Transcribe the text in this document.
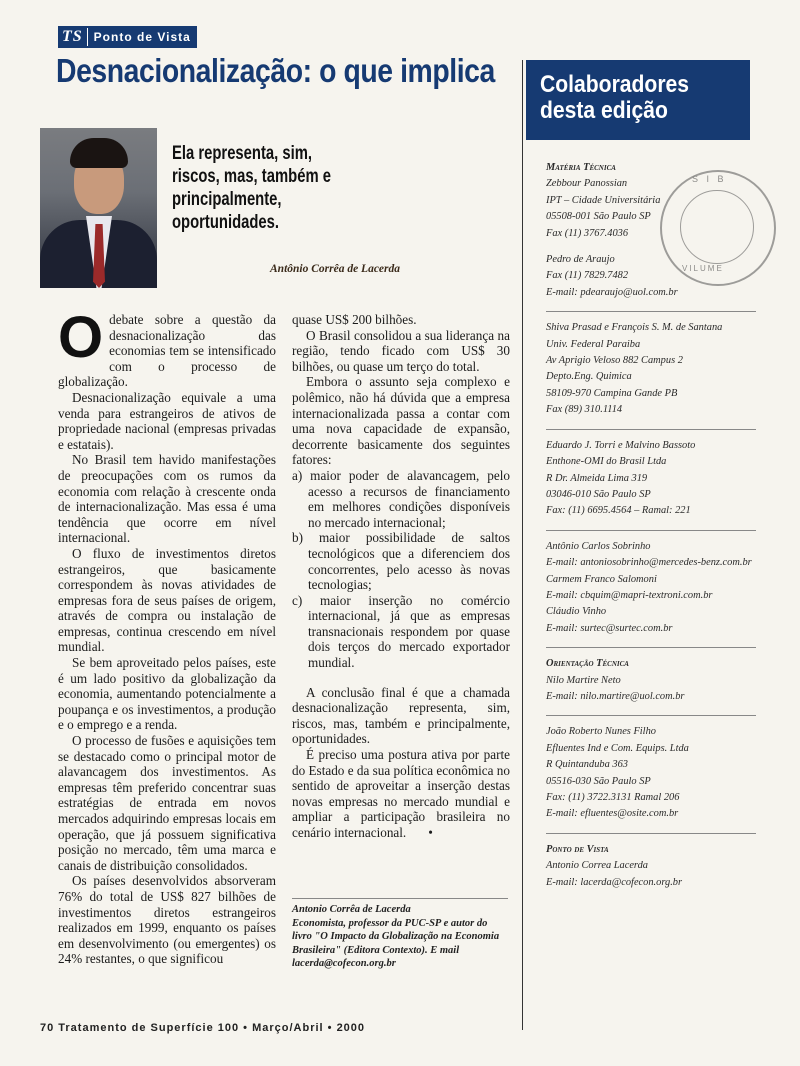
TS Ponto de Vista
Desnacionalização: o que implica
Ela representa, sim, riscos, mas, também e principalmente, oportunidades.
Antônio Corrêa de Lacerda

Odebate sobre a questão da desnacionalização das economias tem se intensificado com o processo de globalização.

Desnacionalização equivale a uma venda para estrangeiros de ativos de propriedade nacional (empresas privadas e estatais).

No Brasil tem havido manifestações de preocupações com os rumos da economia com relação à crescente onda de internacionalização. Mas essa é uma tendência que ocorre em nível internacional.

O fluxo de investimentos diretos estrangeiros, que basicamente correspondem às novas atividades de empresas fora de seus países de origem, através de compra ou instalação de empresas, continua crescendo em nível mundial.

Se bem aproveitado pelos países, este é um lado positivo da globalização da economia, aumentando potencialmente a poupança e os investimentos, a produção e o emprego e a renda.

O processo de fusões e aquisições tem se destacado como o principal motor de alavancagem dos investimentos. As empresas têm preferido concentrar suas estratégias de entrada em novos mercados adquirindo empresas locais em operação, que já possuem significativa posição no mercado, têm uma marca e canais de distribuição consolidados.

Os países desenvolvidos absorveram 76% do total de US$ 827 bilhões de investimentos diretos estrangeiros realizados em 1999, enquanto os países em desenvolvimento (ou emergentes) os 24% restantes, o que significou

quase US$ 200 bilhões.

O Brasil consolidou a sua liderança na região, tendo ficado com US$ 30 bilhões, ou quase um terço do total.

Embora o assunto seja complexo e polêmico, não há dúvida que a empresa internacionalizada passa a contar com uma nova capacidade de expansão, decorrente basicamente dos seguintes fatores:

a) maior poder de alavancagem, pelo acesso a recursos de financiamento em melhores condições disponíveis no mercado internacional;
b) maior possibilidade de saltos tecnológicos que a diferenciem dos concorrentes, pelo acesso às novas tecnologias;
c) maior inserção no comércio internacional, já que as empresas transnacionais respondem por quase dois terços do mercado exportador mundial.

A conclusão final é que a chamada desnacionalização representa, sim, riscos, mas, também e principalmente, oportunidades.

É preciso uma postura ativa por parte do Estado e da sua política econômica no sentido de aproveitar a inserção destas novas empresas no mercado mundial e ampliar a participação brasileira no cenário internacional. •

Antonio Corrêa de Lacerda
Economista, professor da PUC-SP e autor do livro "O Impacto da Globalização na Economia Brasileira" (Editora Contexto). E mail lacerda@cofecon.org.br
70 Tratamento de Superfície 100 • Março/Abril • 2000
Colaboradores
desta edição
S I B
VILUME
Matéria Técnica
Zebbour Panossian
IPT – Cidade Universitária
05508-001 São Paulo SP
Fax (11) 3767.4036
Pedro de Araujo
Fax (11) 7829.7482
E-mail: pdearaujo@uol.com.br
Shiva Prasad e François S. M. de Santana
Univ. Federal Paraiba
Av Aprigio Veloso 882 Campus 2
Depto.Eng. Quimica
58109-970 Campina Gande PB
Fax (89) 310.1114
Eduardo J. Torri e Malvino Bassoto
Enthone-OMI do Brasil Ltda
R Dr. Almeida Lima 319
03046-010 São Paulo SP
Fax: (11) 6695.4564 – Ramal: 221
Antônio Carlos Sobrinho
E-mail: antoniosobrinho@mercedes-benz.com.br
Carmem Franco Salomoni
E-mail: cbquim@mapri-textroni.com.br
Cláudio Vinho
E-mail: surtec@surtec.com.br
Orientação Técnica
Nilo Martire Neto
E-mail: nilo.martire@uol.com.br
João Roberto Nunes Filho
Efluentes Ind e Com. Equips. Ltda
R Quintanduba 363
05516-030 São Paulo SP
Fax: (11) 3722.3131 Ramal 206
E-mail: efluentes@osite.com.br
Ponto de Vista
Antonio Correa Lacerda
E-mail: lacerda@cofecon.org.br
